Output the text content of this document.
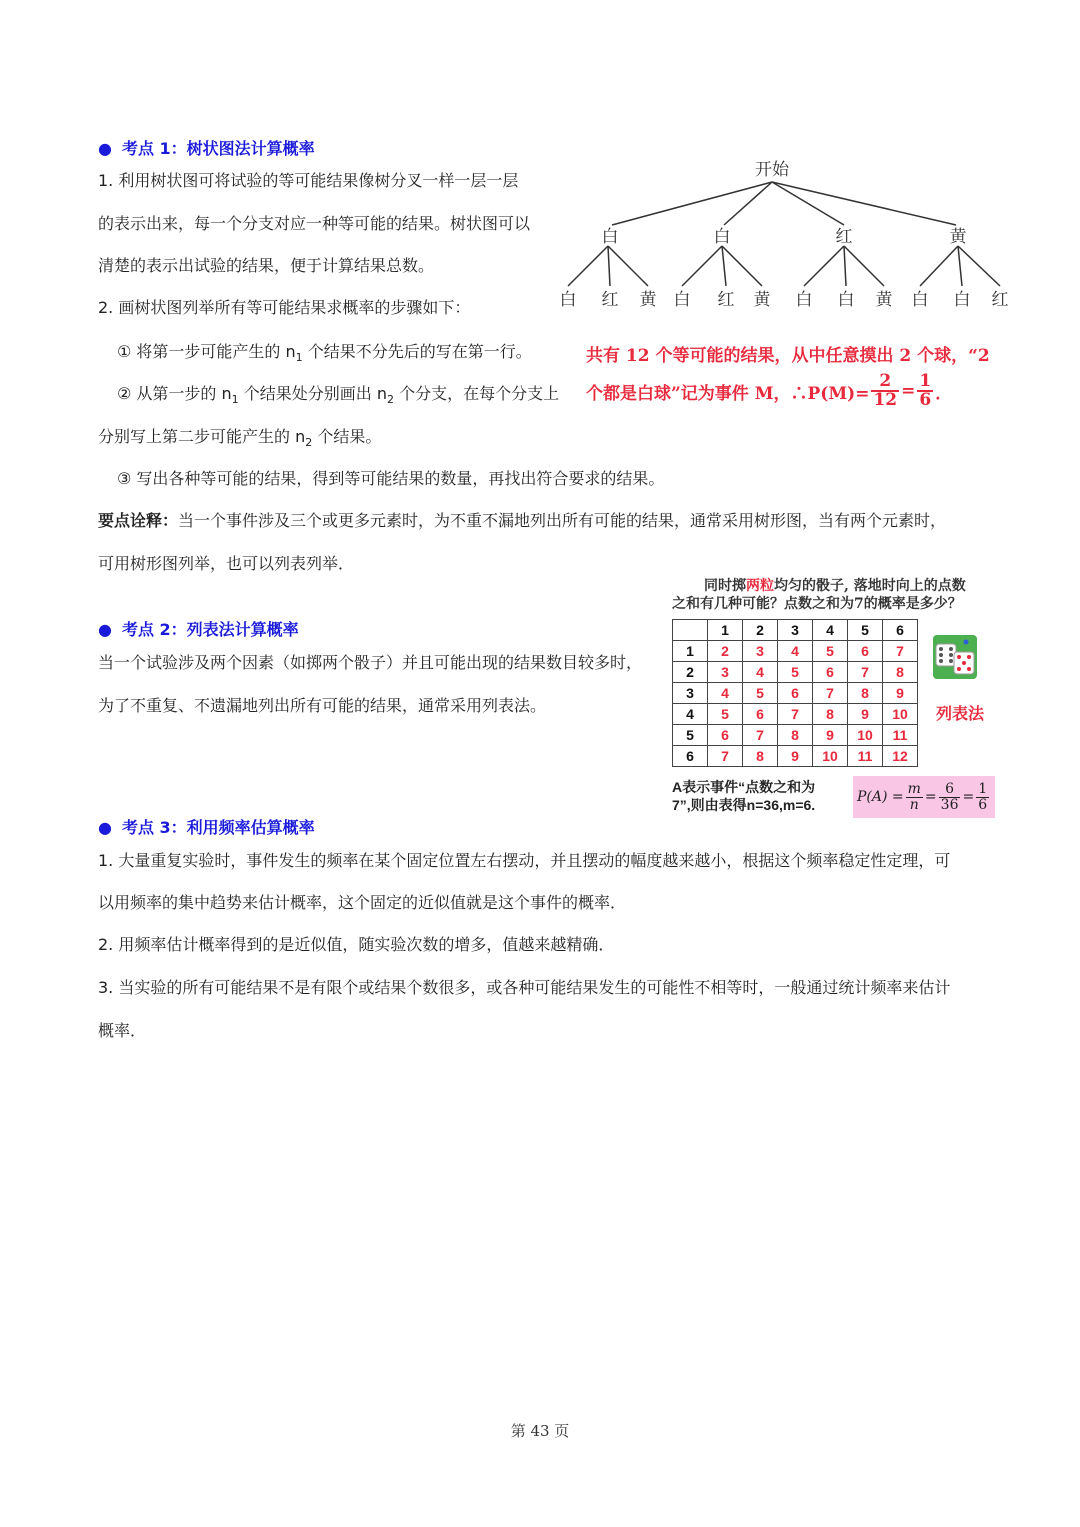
● 考点 1：树状图法计算概率
1. 利用树状图可将试验的等可能结果像树分叉一样一层一层
的表示出来，每一个分支对应一种等可能的结果。树状图可以
清楚的表示出试验的结果，便于计算结果总数。
2. 画树状图列举所有等可能结果求概率的步骤如下：
① 将第一步可能产生的 $n_1$ 个结果不分先后的写在第一行。
② 从第一步的 $n_1$ 个结果处分别画出 $n_2$ 个分支，在每个分支上
分别写上第二步可能产生的 $n_2$ 个结果。
③ 写出各种等可能的结果，得到等可能结果的数量，再找出符合要求的结果。
要点诠释：当一个事件涉及三个或更多元素时，为不重不漏地列出所有可能的结果，通常采用树形图，当有两个元素时，
可用树形图列举，也可以列表列举．
开始
白	白	红	黄
白 红 黄 白 红 黄 白 白 黄 白 白 红
共有 12 个等可能的结果，从中任意摸出 2 个球，“2
个都是白球”记为事件 M，∴P(M)= $\frac{2}{12} = \frac{1}{6}$ ．
● 考点 2：列表法计算概率
当一个试验涉及两个因素（如掷两个骰子）并且可能出现的结果数目较多时，
为了不重复、不遗漏地列出所有可能的结果，通常采用列表法。
同时掷两粒均匀的骰子, 落地时向上的点数
之和有几种可能？点数之和为7的概率是多少？
	1	2	3	4	5	6
1	2	3	4	5	6	7
2	3	4	5	6	7	8
3	4	5	6	7	8	9
4	5	6	7	8	9	10
5	6	7	8	9	10	11
6	7	8	9	10	11	12
列表法
A表示事件“点数之和为
7”,则由表得n=36,m=6.	$P(A) = \frac{m}{n} = \frac{6}{36} = \frac{1}{6}$
● 考点 3：利用频率估算概率
1. 大量重复实验时，事件发生的频率在某个固定位置左右摆动，并且摆动的幅度越来越小，根据这个频率稳定性定理，可
以用频率的集中趋势来估计概率，这个固定的近似值就是这个事件的概率．
2. 用频率估计概率得到的是近似值，随实验次数的增多，值越来越精确．
3. 当实验的所有可能结果不是有限个或结果个数很多，或各种可能结果发生的可能性不相等时，一般通过统计频率来估计
概率．
第 43 页
